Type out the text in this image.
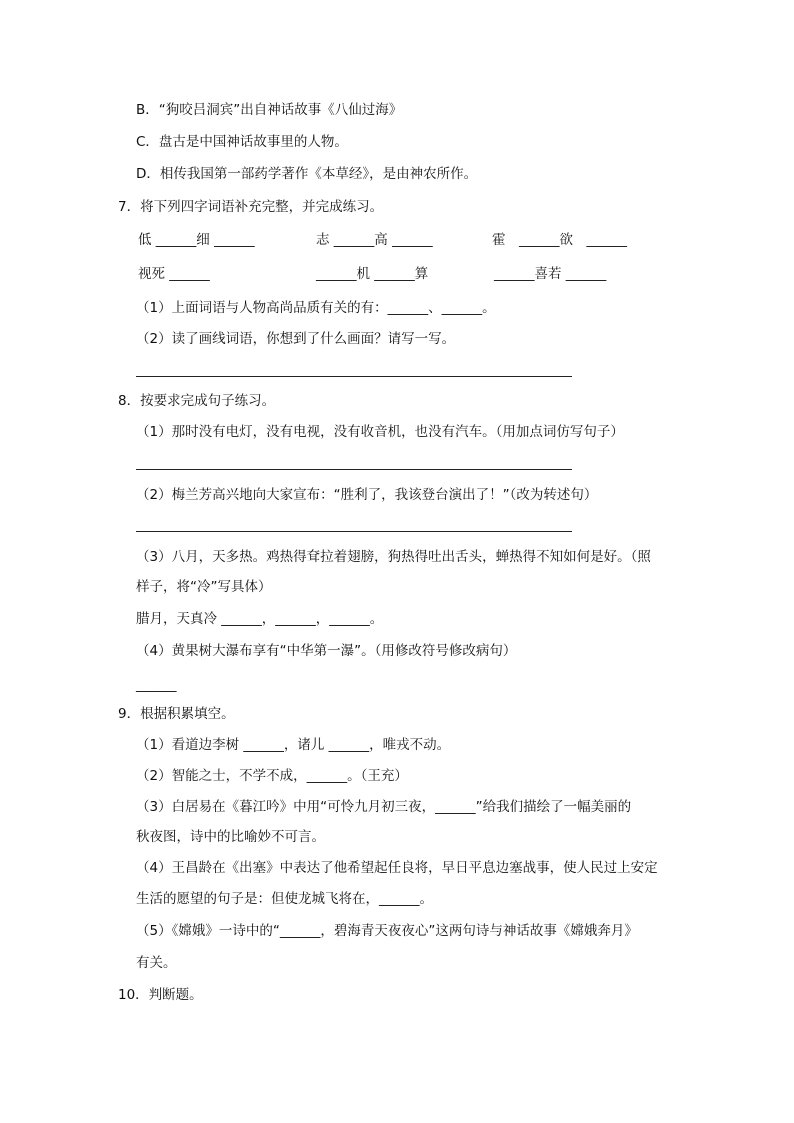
B．“狗咬吕洞宾”出自神话故事《八仙过海》
C．盘古是中国神话故事里的人物。
D．相传我国第一部药学著作《本草经》，是由神农所作。
7．将下列四字词语补充完整，并完成练习。
低 ______细 ______	志 ______高 ______	霍　______欲　______
视死 ______	______机 ______算	______喜若 ______
（1）上面词语与人物高尚品质有关的有：______、______。
（2）读了画线词语，你想到了什么画面？请写一写。
8．按要求完成句子练习。
（1）那时没有电灯，没有电视，没有收音机，也没有汽车。（用加点词仿写句子）
（2）梅兰芳高兴地向大家宣布：“胜利了，我该登台演出了！”（改为转述句）
（3）八月，天多热。鸡热得耷拉着翅膀，狗热得吐出舌头，蝉热得不知如何是好。（照
样子，将“冷”写具体）
腊月，天真冷 ______，______，______。
（4）黄果树大瀑布享有“中华第一瀑”。（用修改符号修改病句）
______
9．根据积累填空。
（1）看道边李树 ______，诸儿 ______，唯戎不动。
（2）智能之士，不学不成，______。（王充）
（3）白居易在《暮江吟》中用“可怜九月初三夜，______”给我们描绘了一幅美丽的
秋夜图，诗中的比喻妙不可言。
（4）王昌龄在《出塞》中表达了他希望起任良将，早日平息边塞战事，使人民过上安定
生活的愿望的句子是：但使龙城飞将在，______。
（5）《嫦娥》一诗中的“______，碧海青天夜夜心”这两句诗与神话故事《嫦娥奔月》
有关。
10．判断题。
